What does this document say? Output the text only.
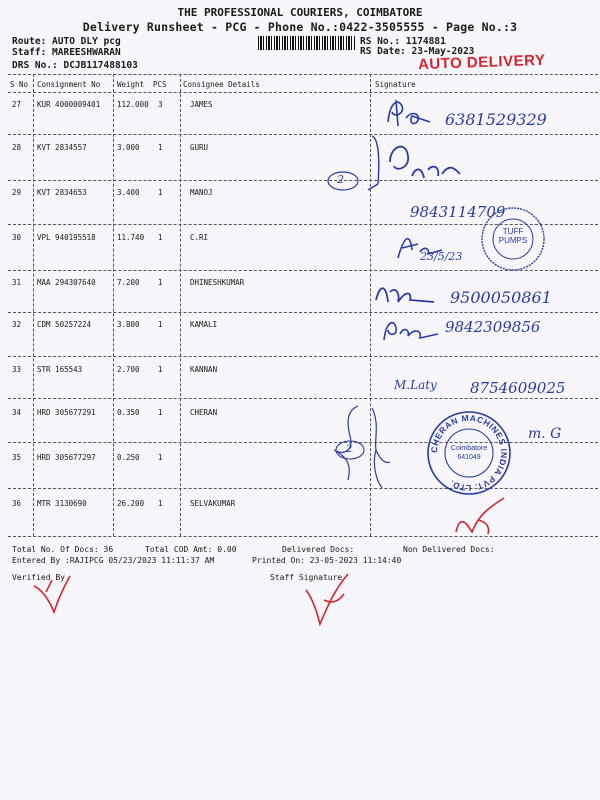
THE PROFESSIONAL COURIERS, COIMBATORE
Delivery Runsheet - PCG - Phone No.:0422-3505555 - Page No.:3
Route: AUTO DLY pcg
Staff: MAREESHWARAN
DRS No.: DCJB117488103
RS No.: 1174881
RS Date: 23-May-2023
AUTO DELIVERY
S No Consignment No Weight PCS Consignee Details	Signature
27 KUR 4000009401 112.000 3	JAMES
28 KVT 2834557	3.000 1	GURU
29 KVT 2834653	3.400 1	MANOJ
30 VPL 940195518	11.740 1	C.RI
31 MAA 294307640	7.200 1	DHINESHKUMAR
32 CDM 50257224	3.800 1	KAMALI
33 STR 165543	2.700 1	KANNAN
34 HRD 305677291	0.350 1	CHERAN
35 HRD 305677297	0.250 1
36 MTR 3130690	26.200 1	SELVAKUMAR
6381529329
2
9843114709
23/5/23
TUFF
PUMPS
9500050861
9842309856
M.Laty 8754609025
2	CHERAN MACHINES INDIA PVT. LTD.
Coimbatore
641049
m. G
Total No. Of Docs: 36	Total COD Amt: 0.00	Delivered Docs:	Non Delivered Docs:
Entered By :RAJIPCG 05/23/2023 11:11:37 AM	Printed On: 23-05-2023 11:14:40
Verified By	Staff Signature
